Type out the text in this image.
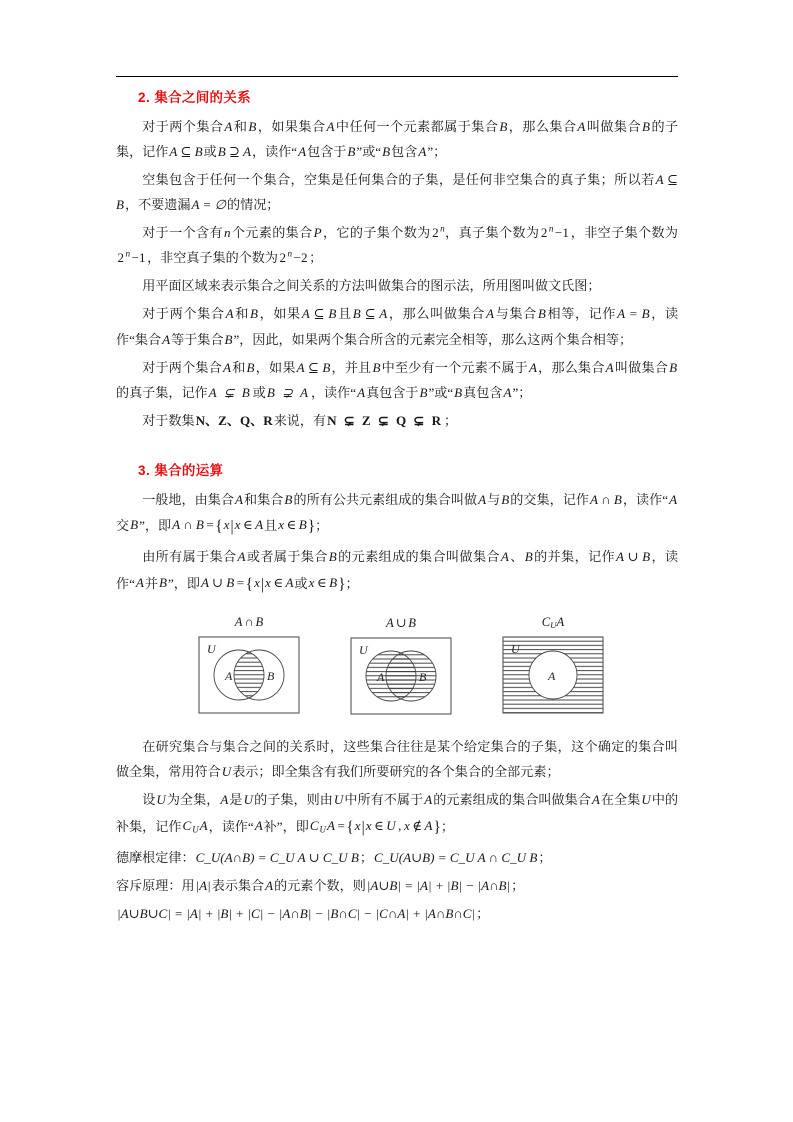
2. 集合之间的关系

对于两个集合A和B，如果集合A中任何一个元素都属于集合B，那么集合A叫做集合B的子集，记作A ⊆ B或B ⊇ A，读作“A包含于B”或“B包含A”；

空集包含于任何一个集合，空集是任何集合的子集，是任何非空集合的真子集；所以若A ⊆ B，不要遗漏A = ∅的情况；

对于一个含有n个元素的集合P，它的子集个数为 2 $^n$，真子集个数为 2 $^n$ −1 ，非空子集个数为2 $^n$ −1 ，非空真子集的个数为 2 $^n$ −2 ；

用平面区域来表示集合之间关系的方法叫做集合的图示法，所用图叫做文氏图；

对于两个集合A和B，如果A ⊆ B且B ⊆ A，那么叫做集合A与集合B相等，记作A = B，读作“集合A等于集合B”，因此，如果两个集合所含的元素完全相等，那么这两个集合相等；

对于两个集合A和B，如果A ⊆ B，并且B中至少有一个元素不属于A，那么集合A叫做集合B的真子集，记作A ⊊ B或B ⊋ A，读作“A真包含于B”或“B真包含A”；

对于数集N、Z、Q、R来说，有N ⊊ Z ⊊ Q ⊊ R；

3. 集合的运算

一般地，由集合A和集合B的所有公共元素组成的集合叫做A与B的交集，记作A ∩ B，读作“A交B”，即A ∩ B ={x|x ∈ A且x ∈ B}；

由所有属于集合A或者属于集合B的元素组成的集合叫做集合A、B的并集，记作A ∪ B，读作“A并B”，即A ∪ B ={x|x ∈ A或x ∈ B}；

A ∩ B
U
A	B
A ∪ B
U
A	B
CUA
U
A

在研究集合与集合之间的关系时，这些集合往往是某个给定集合的子集，这个确定的集合叫做全集，常用符合U表示；即全集含有我们所要研究的各个集合的全部元素；

设U为全集，A是U的子集，则由U中所有不属于A的元素组成的集合叫做集合A在全集U中的补集，记作$C_UA$，读作“A补”，即$C_UA =\{x|x$ ∈ U , x ∉ A}；

德摩根定律：C_U(A∩B) = C_U A ∪ C_U B；C_U(A∪B) = C_U A ∩ C_U B；

容斥原理：用|A|表示集合A的元素个数，则|A∪B| = |A| + |B| − |A∩B|；

|A∪B∪C| = |A| + |B| + |C| − |A∩B| − |B∩C| − |C∩A| + |A∩B∩C|；
